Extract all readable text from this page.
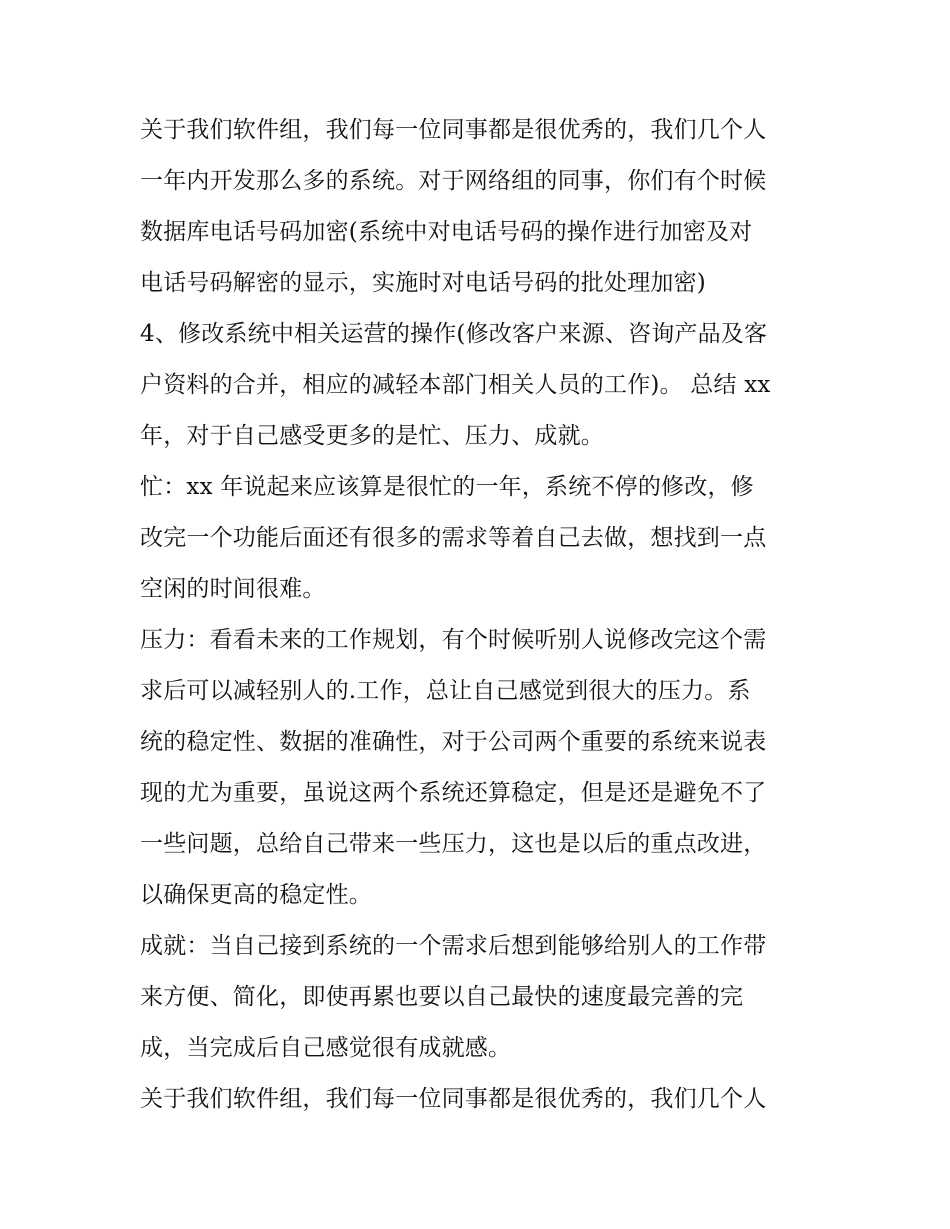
关于我们软件组，我们每一位同事都是很优秀的，我们几个人
一年内开发那么多的系统。对于网络组的同事，你们有个时候
数据库电话号码加密(系统中对电话号码的操作进行加密及对
电话号码解密的显示，实施时对电话号码的批处理加密)
4、修改系统中相关运营的操作(修改客户来源、咨询产品及客
户资料的合并，相应的减轻本部门相关人员的工作)。 总结 xx
年，对于自己感受更多的是忙、压力、成就。
忙：xx 年说起来应该算是很忙的一年，系统不停的修改，修
改完一个功能后面还有很多的需求等着自己去做，想找到一点
空闲的时间很难。
压力：看看未来的工作规划，有个时候听别人说修改完这个需
求后可以减轻别人的.工作，总让自己感觉到很大的压力。系
统的稳定性、数据的准确性，对于公司两个重要的系统来说表
现的尤为重要，虽说这两个系统还算稳定，但是还是避免不了
一些问题，总给自己带来一些压力，这也是以后的重点改进，
以确保更高的稳定性。
成就：当自己接到系统的一个需求后想到能够给别人的工作带
来方便、简化，即使再累也要以自己最快的速度最完善的完
成，当完成后自己感觉很有成就感。
关于我们软件组，我们每一位同事都是很优秀的，我们几个人
